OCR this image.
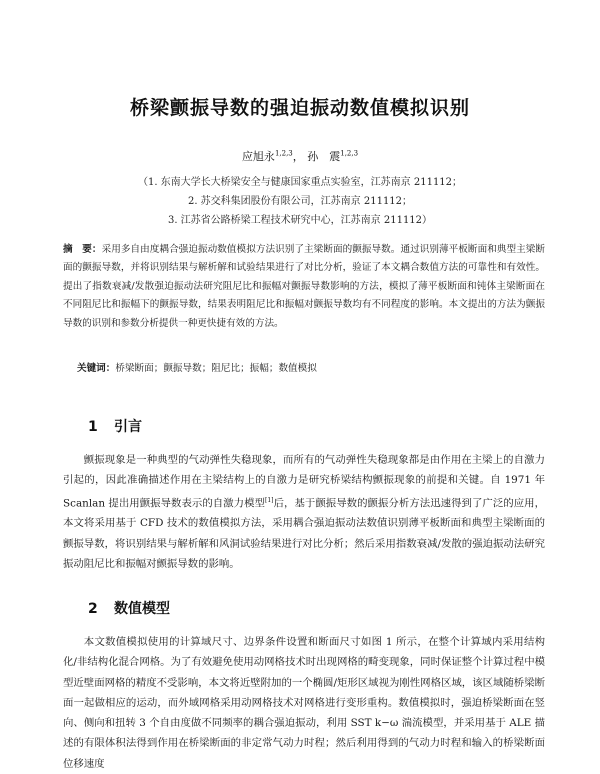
桥梁颤振导数的强迫振动数值模拟识别
应旭永$^{1,2,3}$， 孙　震$^{1,2,3}$
（1. 东南大学长大桥梁安全与健康国家重点实验室，江苏南京 211112；
2. 苏交科集团股份有限公司，江苏南京 211112；
3. 江苏省公路桥梁工程技术研究中心，江苏南京 211112）
摘　要：采用多自由度耦合强迫振动数值模拟方法识别了主梁断面的颤振导数。通过识别薄平板断面和典型主梁断面的颤振导数，并将识别结果与解析解和试验结果进行了对比分析，验证了本文耦合数值方法的可靠性和有效性。提出了指数衰减/发散强迫振动法研究阻尼比和振幅对颤振导数影响的方法，模拟了薄平板断面和钝体主梁断面在不同阻尼比和振幅下的颤振导数，结果表明阻尼比和振幅对颤振导数均有不同程度的影响。本文提出的方法为颤振导数的识别和参数分析提供一种更快捷有效的方法。
关键词：桥梁断面；颤振导数；阻尼比；振幅；数值模拟
1 引言

颤振现象是一种典型的气动弹性失稳现象，而所有的气动弹性失稳现象都是由作用在主梁上的自激力引起的，因此准确描述作用在主梁结构上的自激力是研究桥梁结构颤振现象的前提和关键。自 1971 年 Scanlan 提出用颤振导数表示的自激力模型[1]后，基于颤振导数的颤振分析方法迅速得到了广泛的应用，本文将采用基于 CFD 技术的数值模拟方法，采用耦合强迫振动法数值识别薄平板断面和典型主梁断面的颤振导数，将识别结果与解析解和风洞试验结果进行对比分析；然后采用指数衰减/发散的强迫振动法研究振动阻尼比和振幅对颤振导数的影响。

2 数值模型

本文数值模拟使用的计算域尺寸、边界条件设置和断面尺寸如图 1 所示，在整个计算域内采用结构化/非结构化混合网格。为了有效避免使用动网格技术时出现网格的畸变现象，同时保证整个计算过程中模型近壁面网格的精度不受影响，本文将近壁附加的一个椭圆/矩形区域视为刚性网格区域，该区域随桥梁断面一起做相应的运动，而外域网格采用动网格技术对网格进行变形重构。数值模拟时，强迫桥梁断面在竖向、侧向和扭转 3 个自由度做不同频率的耦合强迫振动，利用 SST k−ω 湍流模型，并采用基于 ALE 描述的有限体积法得到作用在桥梁断面的非定常气动力时程；然后利用得到的气动力时程和输入的桥梁断面位移速度
